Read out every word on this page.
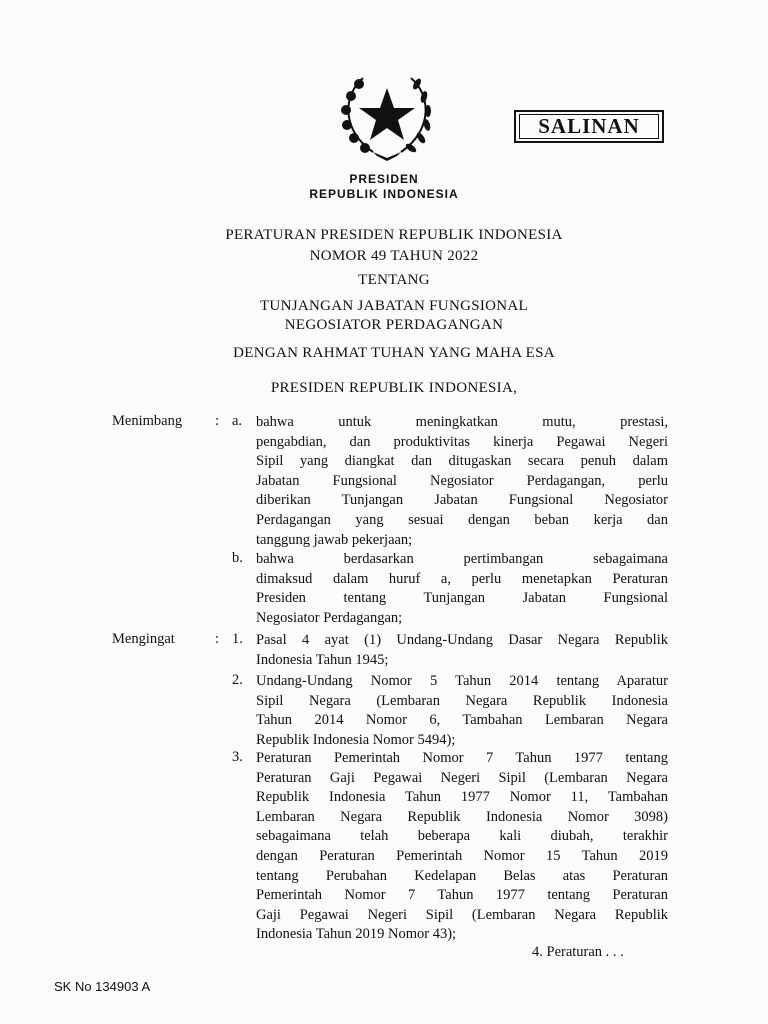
SALINAN
PRESIDEN
REPUBLIK INDONESIA
PERATURAN PRESIDEN REPUBLIK INDONESIA
NOMOR 49 TAHUN 2022
TENTANG
TUNJANGAN JABATAN FUNGSIONAL
NEGOSIATOR PERDAGANGAN
DENGAN RAHMAT TUHAN YANG MAHA ESA
PRESIDEN REPUBLIK INDONESIA,
Menimbang : a. bahwa untuk meningkatkan mutu, prestasi,
pengabdian, dan produktivitas kinerja Pegawai Negeri
Sipil yang diangkat dan ditugaskan secara penuh dalam
Jabatan Fungsional Negosiator Perdagangan, perlu
diberikan Tunjangan Jabatan Fungsional Negosiator
Perdagangan yang sesuai dengan beban kerja dan
tanggung jawab pekerjaan;
b. bahwa berdasarkan pertimbangan sebagaimana
dimaksud dalam huruf a, perlu menetapkan Peraturan
Presiden tentang Tunjangan Jabatan Fungsional
Negosiator Perdagangan;
Mengingat	: 1. Pasal 4 ayat (1) Undang-Undang Dasar Negara Republik
Indonesia Tahun 1945;
2. Undang-Undang Nomor 5 Tahun 2014 tentang Aparatur
Sipil Negara (Lembaran Negara Republik Indonesia
Tahun 2014 Nomor 6, Tambahan Lembaran Negara
Republik Indonesia Nomor 5494);
3. Peraturan Pemerintah Nomor 7 Tahun 1977 tentang
Peraturan Gaji Pegawai Negeri Sipil (Lembaran Negara
Republik Indonesia Tahun 1977 Nomor 11, Tambahan
Lembaran Negara Republik Indonesia Nomor 3098)
sebagaimana telah beberapa kali diubah, terakhir
dengan Peraturan Pemerintah Nomor 15 Tahun 2019
tentang Perubahan Kedelapan Belas atas Peraturan
Pemerintah Nomor 7 Tahun 1977 tentang Peraturan
Gaji Pegawai Negeri Sipil (Lembaran Negara Republik
Indonesia Tahun 2019 Nomor 43);
4. Peraturan . . .
SK No 134903 A
